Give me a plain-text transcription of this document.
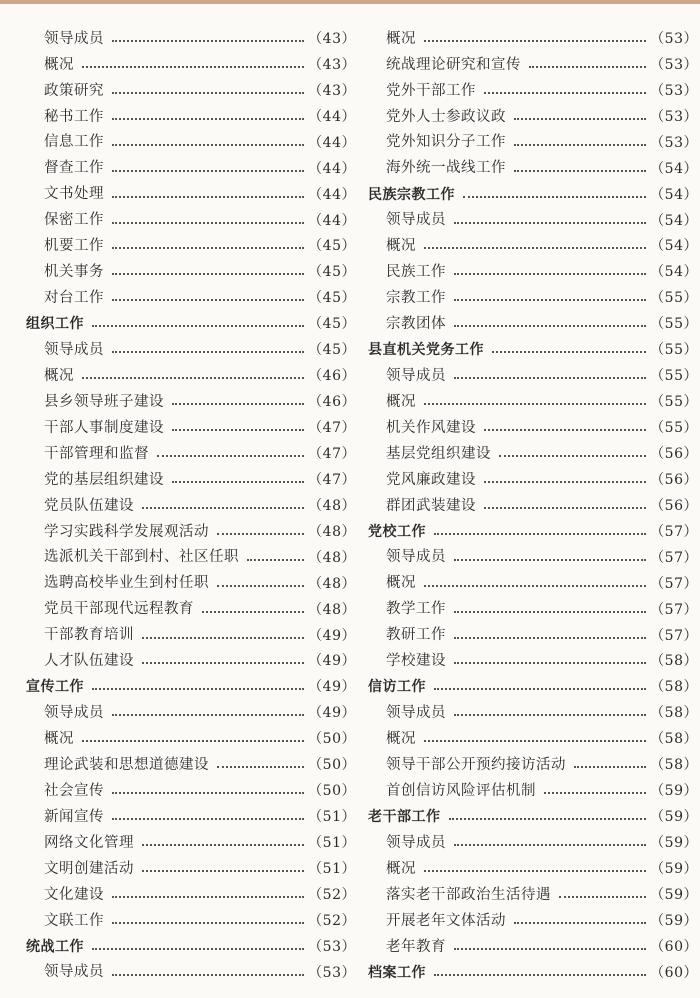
领导成员	（43）
概况	（43）
政策研究	（43）
秘书工作	（44）
信息工作	（44）
督查工作	（44）
文书处理	（44）
保密工作	（44）
机要工作	（45）
机关事务	（45）
对台工作	（45）
组织工作	（45）
领导成员	（45）
概况	（46）
县乡领导班子建设	（46）
干部人事制度建设	（47）
干部管理和监督	（47）
党的基层组织建设	（47）
党员队伍建设	（48）
学习实践科学发展观活动	（48）
选派机关干部到村、社区任职	（48）
选聘高校毕业生到村任职	（48）
党员干部现代远程教育	（48）
干部教育培训	（49）
人才队伍建设	（49）
宣传工作	（49）
领导成员	（49）
概况	（50）
理论武装和思想道德建设	（50）
社会宣传	（50）
新闻宣传	（51）
网络文化管理	（51）
文明创建活动	（51）
文化建设	（52）
文联工作	（52）
统战工作	（53）
领导成员	（53）
概况	（53）
统战理论研究和宣传	（53）
党外干部工作	（53）
党外人士参政议政	（53）
党外知识分子工作	（53）
海外统一战线工作	（54）
民族宗教工作	（54）
领导成员	（54）
概况	（54）
民族工作	（54）
宗教工作	（55）
宗教团体	（55）
县直机关党务工作	（55）
领导成员	（55）
概况	（55）
机关作风建设	（55）
基层党组织建设	（56）
党风廉政建设	（56）
群团武装建设	（56）
党校工作	（57）
领导成员	（57）
概况	（57）
教学工作	（57）
教研工作	（57）
学校建设	（58）
信访工作	（58）
领导成员	（58）
概况	（58）
领导干部公开预约接访活动	（58）
首创信访风险评估机制	（59）
老干部工作	（59）
领导成员	（59）
概况	（59）
落实老干部政治生活待遇	（59）
开展老年文体活动	（59）
老年教育	（60）
档案工作	（60）
